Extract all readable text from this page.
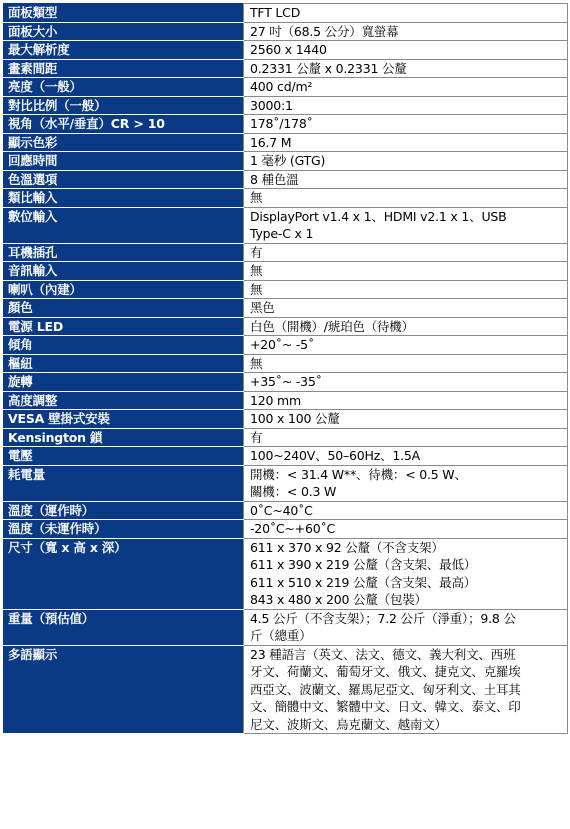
面板類型	TFT LCD
面板大小	27 吋（68.5 公分）寬螢幕
最大解析度	2560 x 1440
畫素間距	0.2331 公釐 x 0.2331 公釐
亮度（一般）	400 cd/m²
對比比例（一般）	3000:1
視角（水平/垂直）CR > 10	178˚/178˚
顯示色彩	16.7 M
回應時間	1 毫秒 (GTG)
色溫選項	8 種色溫
類比輸入	無
數位輸入	DisplayPort v1.4 x 1、HDMI v2.1 x 1、USB
Type-C x 1
耳機插孔	有
音訊輸入	無
喇叭（內建）	無
顏色	黑色
電源 LED	白色（開機）/琥珀色（待機）
傾角	+20˚~ -5˚
樞紐	無
旋轉	+35˚~ -35˚
高度調整	120 mm
VESA 壁掛式安裝	100 x 100 公釐
Kensington 鎖	有
電壓	100~240V、50–60Hz、1.5A
耗電量	開機：< 31.4 W**、待機：< 0.5 W、
關機：< 0.3 W
溫度（運作時）	0˚C~40˚C
溫度（未運作時）	-20˚C~+60˚C
尺寸（寬 x 高 x 深）	611 x 370 x 92 公釐（不含支架）
611 x 390 x 219 公釐（含支架、最低）
611 x 510 x 219 公釐（含支架、最高）
843 x 480 x 200 公釐（包裝）
重量（預估值）	4.5 公斤（不含支架）；7.2 公斤（淨重）；9.8 公
斤（總重）
多語顯示	23 種語言（英文、法文、德文、義大利文、西班
牙文、荷蘭文、葡萄牙文、俄文、捷克文、克羅埃
西亞文、波蘭文、羅馬尼亞文、匈牙利文、土耳其
文、簡體中文、繁體中文、日文、韓文、泰文、印
尼文、波斯文、烏克蘭文、越南文）
